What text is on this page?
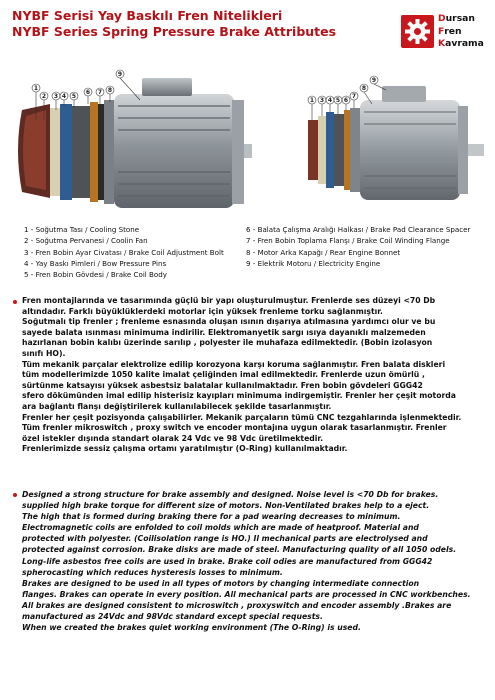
NYBF Serisi Yay Baskılı Fren Nitelikleri
NYBF Series Spring Pressure Brake Attributes
Dursan
Fren
Kavrama
1
2 3 4 5
6 7 8
9
1 3 4 5 6
7
8
9
1 - Soğutma Tası / Cooling Stone
2 - Soğutma Pervanesi / Coolin Fan
3 - Fren Bobin Ayar Civatası / Brake Coil Adjustment Bolt
4 - Yay Baskı Pimleri / Bow Pressure Pins
5 - Fren Bobin Gövdesi / Brake Coil Body
6 - Balata Çalışma Aralığı Halkası / Brake Pad Clearance Spacer
7 - Fren Bobin Toplama Flanşı / Brake Coil Winding Flange
8 - Motor Arka Kapağı / Rear Engine Bonnet
9 - Elektrik Motoru / Electricity Engine
Fren montajlarında ve tasarımında güçlü bir yapı oluşturulmuştur. Frenlerde ses düzeyi <70 Db
altındadır. Farklı büyüklüklerdeki motorlar için yüksek frenleme torku sağlanmıştır.
Soğutmalı tip frenler ; frenleme esnasında oluşan ısının dışarıya atılmasına yardımcı olur ve bu
sayede balata ısınması minimuma indirilir. Elektromanyetik sargı ısıya dayanıklı malzemeden
hazırlanan bobin kalıbı üzerinde sarılıp , polyester ile muhafaza edilmektedir. (Bobin izolasyon
sınıfı HO).
Tüm mekanik parçalar elektrolize edilip korozyona karşı koruma sağlanmıştır. Fren balata diskleri
tüm modellerimizde 1050 kalite imalat çeliğinden imal edilmektedir. Frenlerde uzun ömürlü ,
sürtünme katsayısı yüksek asbestsiz balatalar kullanılmaktadır. Fren bobin gövdeleri GGG42
sfero dökümünden imal edilip histerisiz kayıpları minimuma indirgemiştir. Frenler her çeşit motorda
ara bağlantı flanşı değiştirilerek kullanılabilecek şekilde tasarlanmıştır.
Frenler her çeşit pozisyonda çalışabilirler. Mekanik parçaların tümü CNC tezgahlarında işlenmektedir.
Tüm frenler mikroswitch , proxy switch ve encoder montajına uygun olarak tasarlanmıştır. Frenler
özel istekler dışında standart olarak 24 Vdc ve 98 Vdc üretilmektedir.
Frenlerimizde sessiz çalışma ortamı yaratılmıştır (O-Ring) kullanılmaktadır.
Designed a strong structure for brake assembly and designed. Noise level is <70 Db for brakes.
supplied high brake torque for different size of motors. Non-Ventilated brakes help to a eject.
The high that is formed during braking there for a pad wearing decreases to minimum.
Electromagnetic coils are enfolded to coil molds which are made of heatproof. Material and
protected with polyester. (Coilisolation range is HO.) Il mechanical parts are electrolysed and
protected against corrosion. Brake disks are made of steel. Manufacturing quality of all 1050 odels.
Long-life asbestos free coils are used in brake. Brake coil odies are manufactured from GGG42
spherocasting which reduces hysteresis losses to minimum.
Brakes are designed to be used in all types of motors by changing intermediate connection
flanges. Brakes can operate in every position. All mechanical parts are processed in CNC workbenches.
All brakes are designed consistent to microswitch , proxyswitch and encoder assembly .Brakes are
manufactured as 24Vdc and 98Vdc standard except special requests.
When we created the brakes quiet working environment (The O-Ring) is used.
